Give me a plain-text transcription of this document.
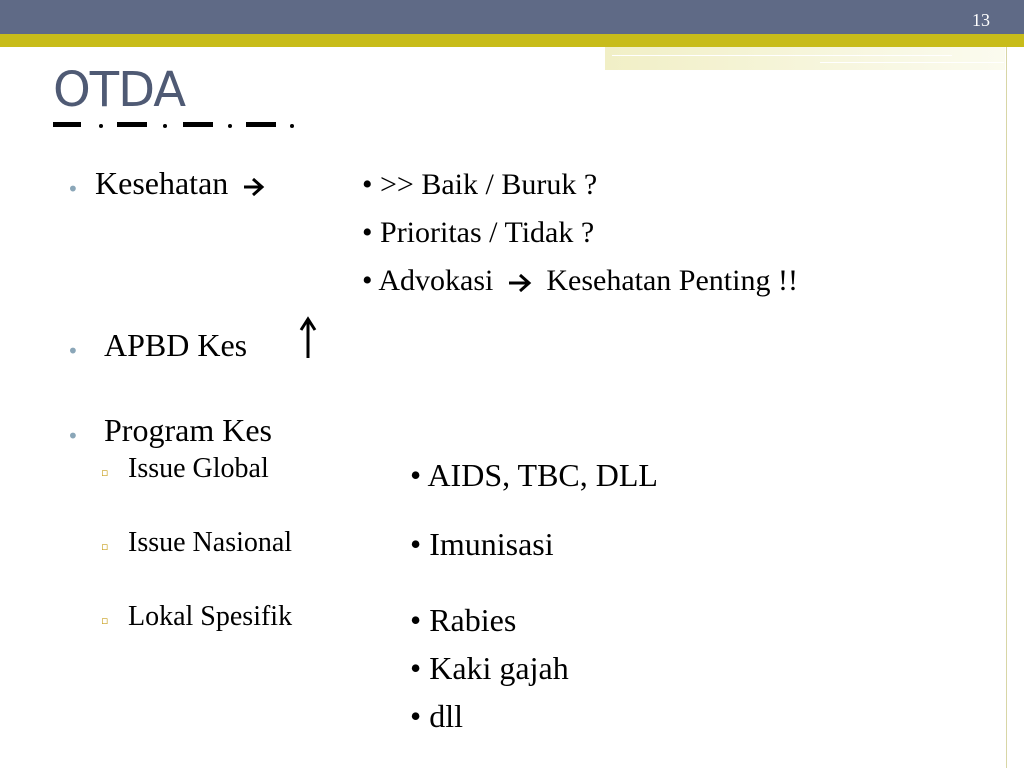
13
OTDA
• Kesehatan
• APBD Kes
• Program Kes
▫ Issue Global
▫ Issue Nasional
▫ Lokal Spesifik
• >> Baik / Buruk ?
• Prioritas / Tidak ?
• Advokasi Kesehatan Penting !!
• AIDS, TBC, DLL
• Imunisasi
• Rabies
• Kaki gajah
• dll
